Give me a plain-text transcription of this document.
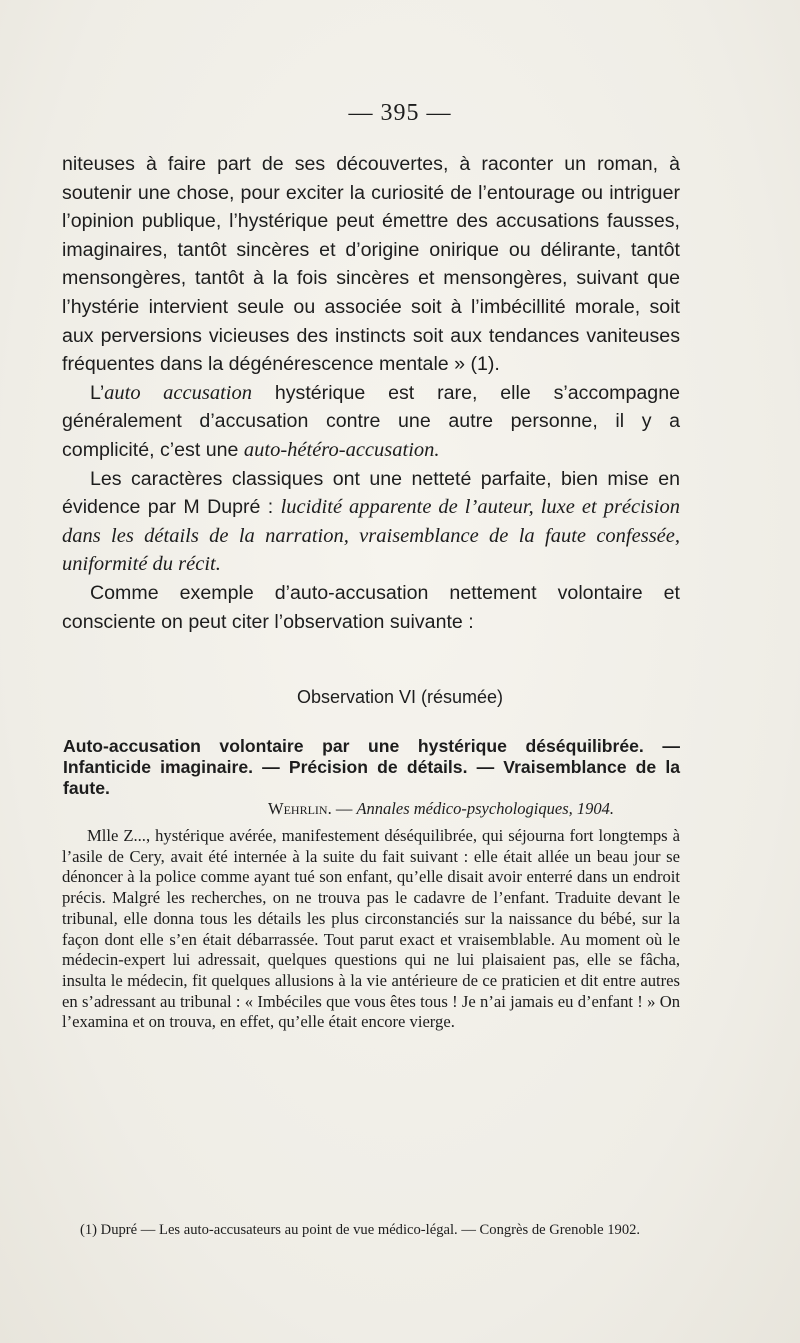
— 395 —

niteuses à faire part de ses découvertes, à raconter un roman, à soutenir une chose, pour exciter la curiosité de l’entourage ou intriguer l’opinion publique, l’hystérique peut émettre des accusations fausses, imaginaires, tantôt sincères et d’origine onirique ou délirante, tantôt mensongères, tantôt à la fois sincères et mensongères, suivant que l’hystérie intervient seule ou associée soit à l’imbécillité morale, soit aux perversions vicieuses des instincts soit aux tendances vaniteuses fréquentes dans la dégénérescence mentale » (1).

L’auto accusation hystérique est rare, elle s’accompagne généralement d’accusation contre une autre personne, il y a complicité, c’est une auto-hétéro-accusation.

Les caractères classiques ont une netteté parfaite, bien mise en évidence par M Dupré : lucidité apparente de l’auteur, luxe et précision dans les détails de la narration, vraisemblance de la faute confessée, uniformité du récit.

Comme exemple d’auto-accusation nettement volontaire et consciente on peut citer l’observation suivante :

Observation VI (résumée)
Auto-accusation volontaire par une hystérique déséquilibrée. — Infanticide imaginaire. — Précision de détails. — Vraisemblance de la faute.
Wehrlin. — Annales médico-psychologiques, 1904.

Mlle Z..., hystérique avérée, manifestement déséquilibrée, qui séjourna fort longtemps à l’asile de Cery, avait été internée à la suite du fait suivant : elle était allée un beau jour se dénoncer à la police comme ayant tué son enfant, qu’elle disait avoir enterré dans un endroit précis. Malgré les recherches, on ne trouva pas le cadavre de l’enfant. Traduite devant le tribunal, elle donna tous les détails les plus circonstanciés sur la naissance du bébé, sur la façon dont elle s’en était débarrassée. Tout parut exact et vraisemblable. Au moment où le médecin-expert lui adressait, quelques questions qui ne lui plaisaient pas, elle se fâcha, insulta le médecin, fit quelques allusions à la vie antérieure de ce praticien et dit entre autres en s’adressant au tribunal : « Imbéciles que vous êtes tous ! Je n’ai jamais eu d’enfant ! » On l’examina et on trouva, en effet, qu’elle était encore vierge.

(1) Dupré — Les auto-accusateurs au point de vue médico-légal. — Congrès de Grenoble 1902.
